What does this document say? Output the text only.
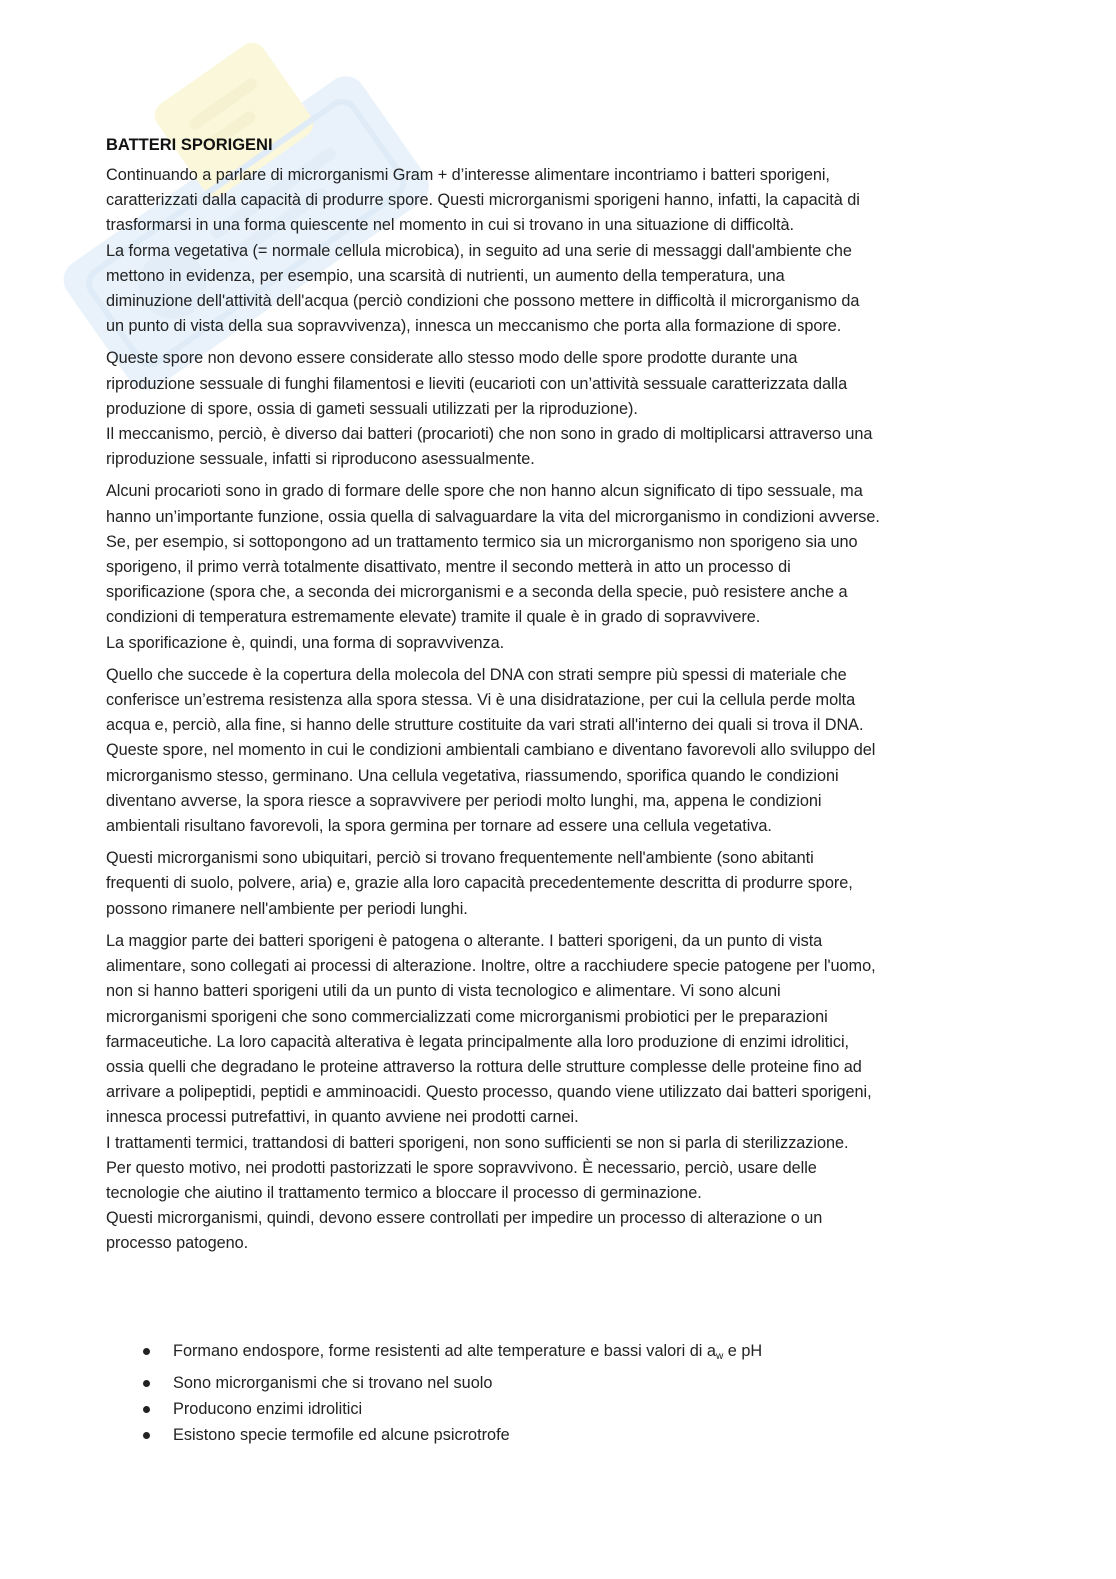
BATTERI SPORIGENI
Continuando a parlare di microrganismi Gram + d’interesse alimentare incontriamo i batteri sporigeni,
caratterizzati dalla capacità di produrre spore. Questi microrganismi sporigeni hanno, infatti, la capacità di
trasformarsi in una forma quiescente nel momento in cui si trovano in una situazione di difficoltà.
La forma vegetativa (= normale cellula microbica), in seguito ad una serie di messaggi dall'ambiente che
mettono in evidenza, per esempio, una scarsità di nutrienti, un aumento della temperatura, una
diminuzione dell'attività dell'acqua (perciò condizioni che possono mettere in difficoltà il microrganismo da
un punto di vista della sua sopravvivenza), innesca un meccanismo che porta alla formazione di spore.
Queste spore non devono essere considerate allo stesso modo delle spore prodotte durante una
riproduzione sessuale di funghi filamentosi e lieviti (eucarioti con un’attività sessuale caratterizzata dalla
produzione di spore, ossia di gameti sessuali utilizzati per la riproduzione).
Il meccanismo, perciò, è diverso dai batteri (procarioti) che non sono in grado di moltiplicarsi attraverso una
riproduzione sessuale, infatti si riproducono asessualmente.
Alcuni procarioti sono in grado di formare delle spore che non hanno alcun significato di tipo sessuale, ma
hanno un’importante funzione, ossia quella di salvaguardare la vita del microrganismo in condizioni avverse.
Se, per esempio, si sottopongono ad un trattamento termico sia un microrganismo non sporigeno sia uno
sporigeno, il primo verrà totalmente disattivato, mentre il secondo metterà in atto un processo di
sporificazione (spora che, a seconda dei microrganismi e a seconda della specie, può resistere anche a
condizioni di temperatura estremamente elevate) tramite il quale è in grado di sopravvivere.
La sporificazione è, quindi, una forma di sopravvivenza.
Quello che succede è la copertura della molecola del DNA con strati sempre più spessi di materiale che
conferisce un’estrema resistenza alla spora stessa. Vi è una disidratazione, per cui la cellula perde molta
acqua e, perciò, alla fine, si hanno delle strutture costituite da vari strati all'interno dei quali si trova il DNA.
Queste spore, nel momento in cui le condizioni ambientali cambiano e diventano favorevoli allo sviluppo del
microrganismo stesso, germinano. Una cellula vegetativa, riassumendo, sporifica quando le condizioni
diventano avverse, la spora riesce a sopravvivere per periodi molto lunghi, ma, appena le condizioni
ambientali risultano favorevoli, la spora germina per tornare ad essere una cellula vegetativa.
Questi microrganismi sono ubiquitari, perciò si trovano frequentemente nell'ambiente (sono abitanti
frequenti di suolo, polvere, aria) e, grazie alla loro capacità precedentemente descritta di produrre spore,
possono rimanere nell'ambiente per periodi lunghi.
La maggior parte dei batteri sporigeni è patogena o alterante. I batteri sporigeni, da un punto di vista
alimentare, sono collegati ai processi di alterazione. Inoltre, oltre a racchiudere specie patogene per l'uomo,
non si hanno batteri sporigeni utili da un punto di vista tecnologico e alimentare. Vi sono alcuni
microrganismi sporigeni che sono commercializzati come microrganismi probiotici per le preparazioni
farmaceutiche. La loro capacità alterativa è legata principalmente alla loro produzione di enzimi idrolitici,
ossia quelli che degradano le proteine attraverso la rottura delle strutture complesse delle proteine fino ad
arrivare a polipeptidi, peptidi e amminoacidi. Questo processo, quando viene utilizzato dai batteri sporigeni,
innesca processi putrefattivi, in quanto avviene nei prodotti carnei.
I trattamenti termici, trattandosi di batteri sporigeni, non sono sufficienti se non si parla di sterilizzazione.
Per questo motivo, nei prodotti pastorizzati le spore sopravvivono. È necessario, perciò, usare delle
tecnologie che aiutino il trattamento termico a bloccare il processo di germinazione.
Questi microrganismi, quindi, devono essere controllati per impedire un processo di alterazione o un
processo patogeno.
Formano endospore, forme resistenti ad alte temperature e bassi valori di $a_w$ e pH
Sono microrganismi che si trovano nel suolo
Producono enzimi idrolitici
Esistono specie termofile ed alcune psicrotrofe
